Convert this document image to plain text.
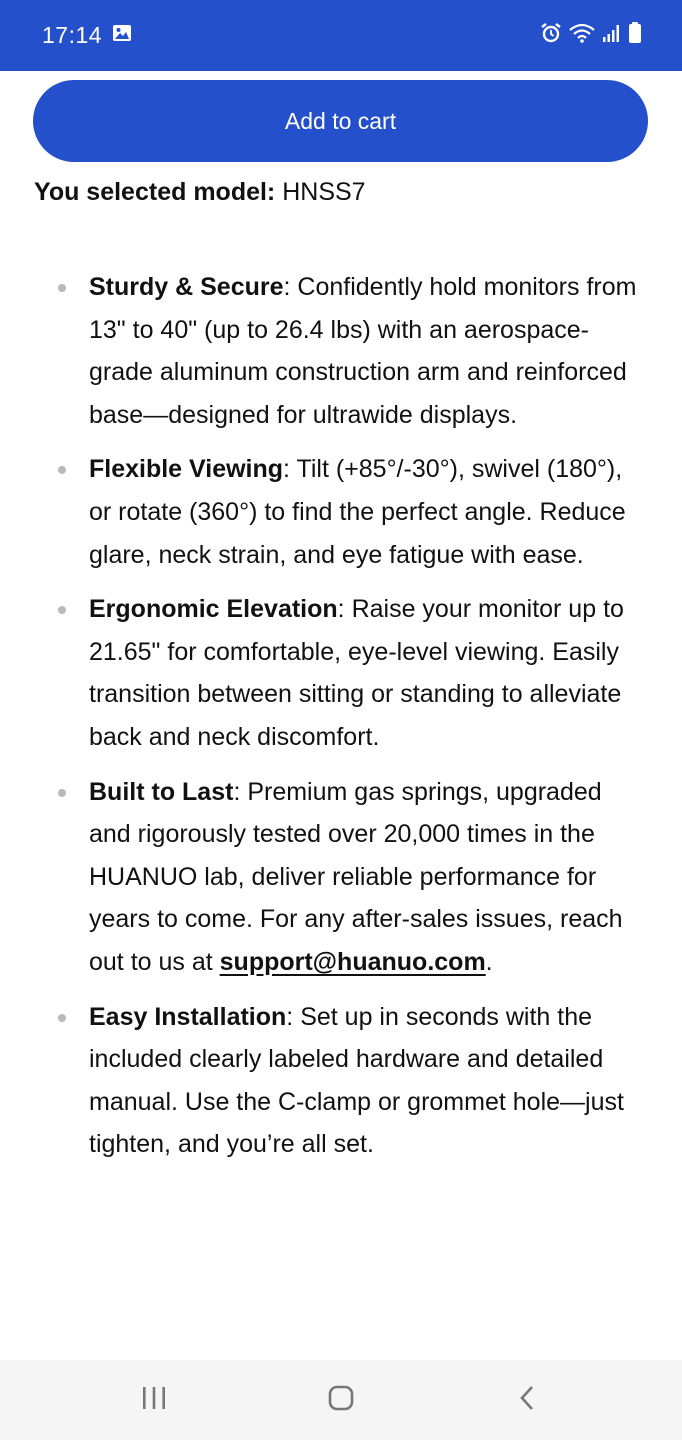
17:14
Add to cart
You selected model: HNSS7
Sturdy & Secure: Confidently hold monitors from 13" to 40" (up to 26.4 lbs) with an aerospace-grade aluminum construction arm and reinforced base—designed for ultrawide displays.
Flexible Viewing: Tilt (+85°/-30°), swivel (180°), or rotate (360°) to find the perfect angle. Reduce glare, neck strain, and eye fatigue with ease.
Ergonomic Elevation: Raise your monitor up to 21.65" for comfortable, eye-level viewing. Easily transition between sitting or standing to alleviate back and neck discomfort.
Built to Last: Premium gas springs, upgraded and rigorously tested over 20,000 times in the HUANUO lab, deliver reliable performance for years to come. For any after-sales issues, reach out to us at support@huanuo.com.
Easy Installation: Set up in seconds with the included clearly labeled hardware and detailed manual. Use the C-clamp or grommet hole—just tighten, and you’re all set.
